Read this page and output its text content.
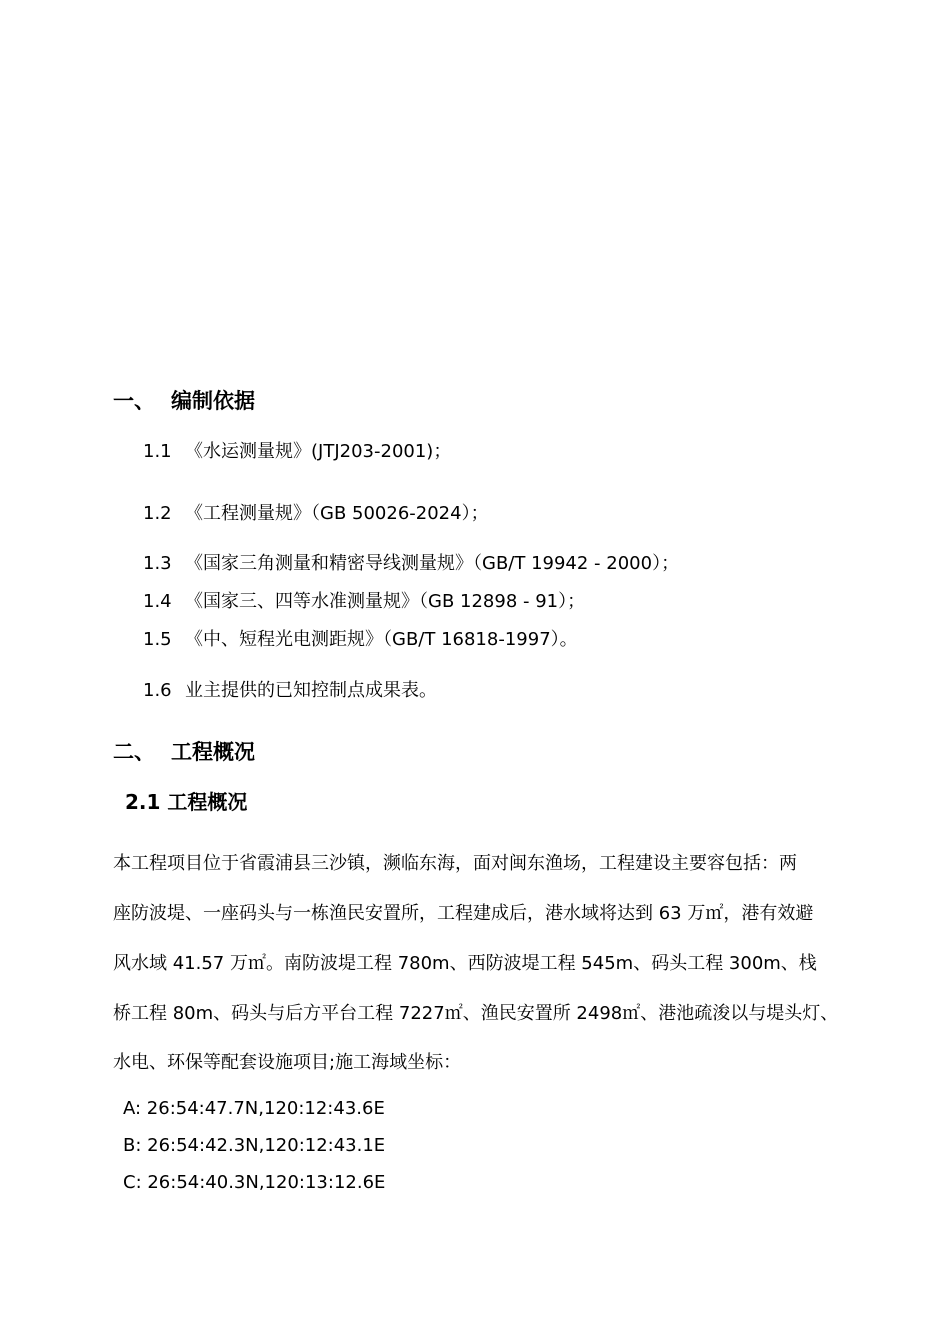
一、 编制依据
1.1 《水运测量规》(JTJ203-2001)；
1.2 《工程测量规》（GB 50026-2024）；
1.3 《国家三角测量和精密导线测量规》（GB/T 19942 - 2000）；
1.4 《国家三、四等水准测量规》（GB 12898 - 91）；
1.5 《中、短程光电测距规》（GB/T 16818-1997）。
1.6 业主提供的已知控制点成果表。
二、 工程概况
2.1 工程概况
本工程项目位于省霞浦县三沙镇，濒临东海，面对闽东渔场，工程建设主要容包括：两
座防波堤、一座码头与一栋渔民安置所，工程建成后，港水域将达到 63 万㎡，港有效避
风水域 41.57 万㎡。南防波堤工程 780m、西防波堤工程 545m、码头工程 300m、栈
桥工程 80m、码头与后方平台工程 7227㎡、渔民安置所 2498㎡、港池疏浚以与堤头灯、
水电、环保等配套设施项目;施工海域坐标：
A: 26:54:47.7N,120:12:43.6E
B: 26:54:42.3N,120:12:43.1E
C: 26:54:40.3N,120:13:12.6E
